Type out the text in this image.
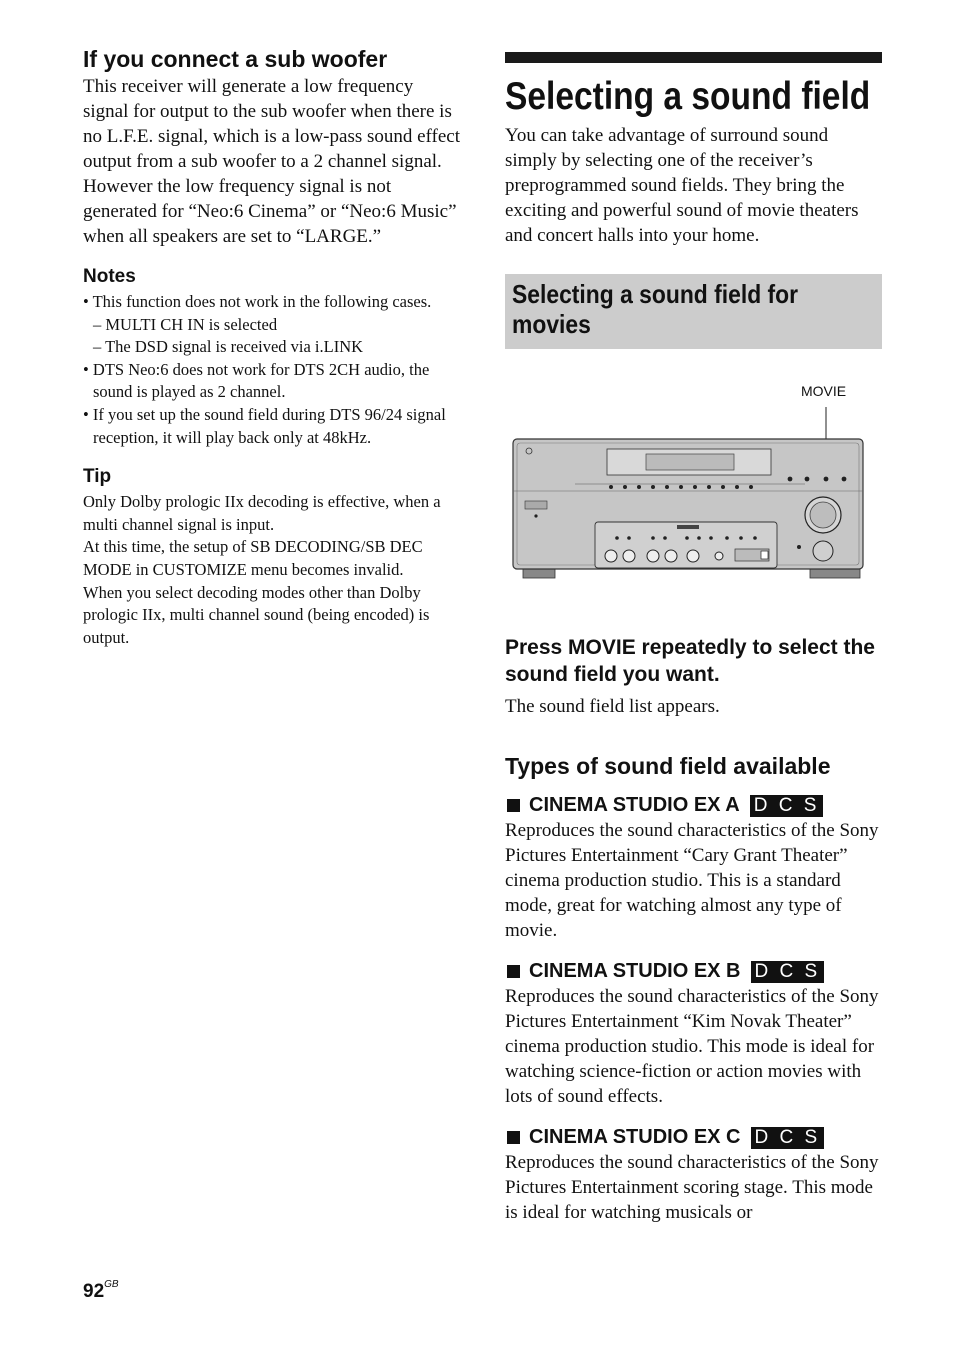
If you connect a sub woofer

This receiver will generate a low frequency signal for output to the sub woofer when there is no L.F.E. signal, which is a low-pass sound effect output from a sub woofer to a 2 channel signal. However the low frequency signal is not generated for “Neo:6 Cinema” or “Neo:6 Music” when all speakers are set to “LARGE.”

Notes
• This function does not work in the following cases.
– MULTI CH IN is selected
– The DSD signal is received via i.LINK
• DTS Neo:6 does not work for DTS 2CH audio, the sound is played as 2 channel.
• If you set up the sound field during DTS 96/24 signal reception, it will play back only at 48kHz.
Tip

Only Dolby prologic IIx decoding is effective, when a multi channel signal is input.

At this time, the setup of SB DECODING/SB DEC MODE in CUSTOMIZE menu becomes invalid.

When you select decoding modes other than Dolby prologic IIx, multi channel sound (being encoded) is output.

Selecting a sound field

You can take advantage of surround sound simply by selecting one of the receiver’s preprogrammed sound fields. They bring the exciting and powerful sound of movie theaters and concert halls into your home.

Selecting a sound field for
movies
MOVIE
Press MOVIE repeatedly to select the sound field you want.

The sound field list appears.

Types of sound field available
CINEMA STUDIO EX A D C S

Reproduces the sound characteristics of the Sony Pictures Entertainment “Cary Grant Theater” cinema production studio. This is a standard mode, great for watching almost any type of movie.

CINEMA STUDIO EX B D C S

Reproduces the sound characteristics of the Sony Pictures Entertainment “Kim Novak Theater” cinema production studio. This mode is ideal for watching science-fiction or action movies with lots of sound effects.

CINEMA STUDIO EX C D C S

Reproduces the sound characteristics of the Sony Pictures Entertainment scoring stage. This mode is ideal for watching musicals or

$92^{GB}$
